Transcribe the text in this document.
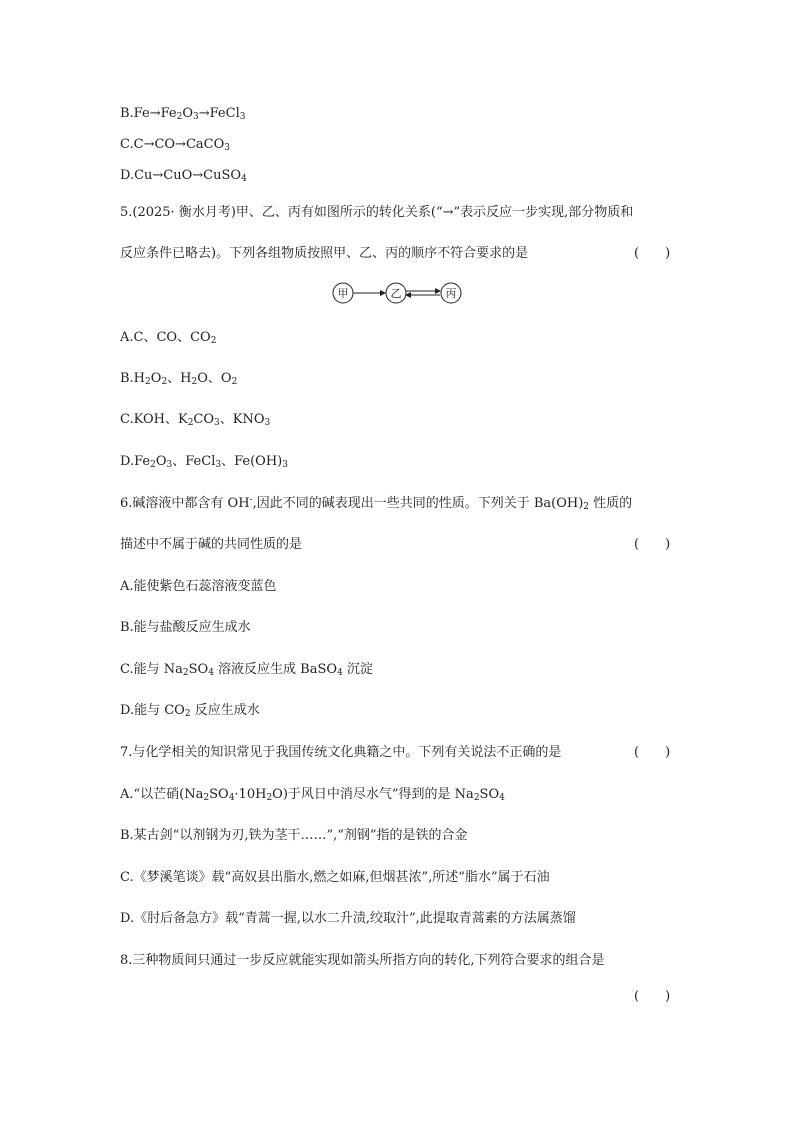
$B.Fe\to Fe_2O_3\to FeCl_3$
C.C→CO→CaCO$_3$
D.Cu→CuO→CuSO$_4$
5.(2025· 衡水月考)甲、乙、丙有如图所示的转化关系(“→”表示反应一步实现,部分物质和
反应条件已略去)。下列各组物质按照甲、乙、丙的顺序不符合要求的是	(　　)
甲	乙	丙
A.C、CO、$CO_2$
$B.H_2O_2$、$H_2O$、$O_2$
C.KOH、$K_2CO_3$、$KNO_3$
$D.Fe_2O_3$、FeCl$_3$、$Fe(OH)_3$
6.碱溶液中都含有 OH-,因此不同的碱表现出一些共同的性质。下列关于 $Ba(OH)_2$ 性质的
描述中不属于碱的共同性质的是	(　　)
A.能使紫色石蕊溶液变蓝色
B.能与盐酸反应生成水
C.能与 $Na_2SO_4$ 溶液反应生成 BaSO$_4$ 沉淀
D.能与 $CO_2$ 反应生成水
7.与化学相关的知识常见于我国传统文化典籍之中。下列有关说法不正确的是	(　　)
A.“以芒硝$(Na_2SO_4\cdot 10H_2O)$于风日中消尽水气”得到的是 $Na_2SO_4$
B.某古剑“以剂钢为刃,铁为茎干……”,“剂钢”指的是铁的合金
C.《梦溪笔谈》载“高奴县出脂水,燃之如麻,但烟甚浓”,所述“脂水”属于石油
D.《肘后备急方》载“青蒿一握,以水二升渍,绞取汁”,此提取青蒿素的方法属蒸馏
8.三种物质间只通过一步反应就能实现如箭头所指方向的转化,下列符合要求的组合是
(　　)
